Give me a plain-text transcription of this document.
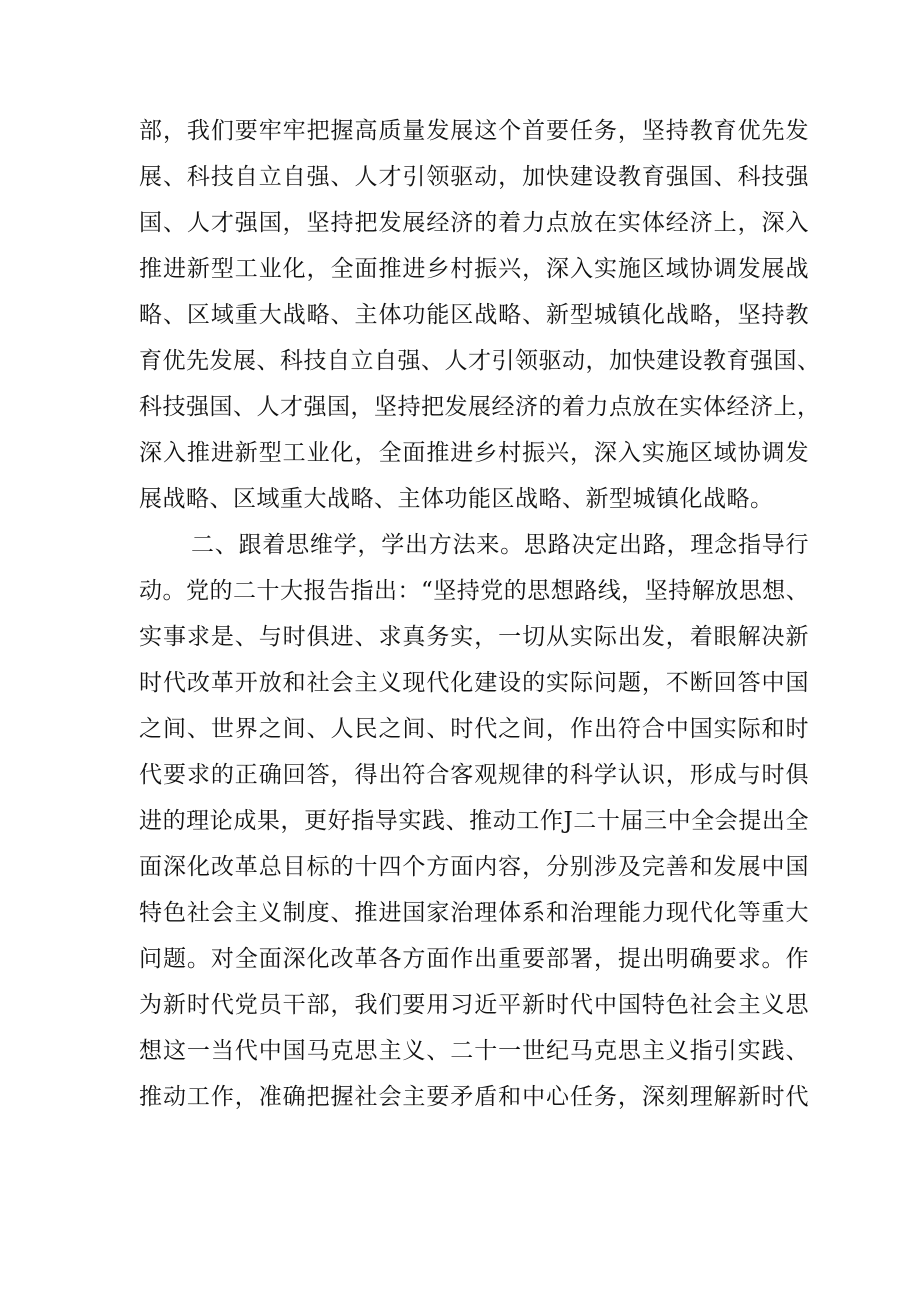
部，我们要牢牢把握高质量发展这个首要任务，坚持教育优先发
展、科技自立自强、人才引领驱动，加快建设教育强国、科技强
国、人才强国，坚持把发展经济的着力点放在实体经济上，深入
推进新型工业化，全面推进乡村振兴，深入实施区域协调发展战
略、区域重大战略、主体功能区战略、新型城镇化战略，坚持教
育优先发展、科技自立自强、人才引领驱动，加快建设教育强国、
科技强国、人才强国，坚持把发展经济的着力点放在实体经济上，
深入推进新型工业化，全面推进乡村振兴，深入实施区域协调发
展战略、区域重大战略、主体功能区战略、新型城镇化战略。
二、跟着思维学，学出方法来。思路决定出路，理念指导行
动。党的二十大报告指出：“坚持党的思想路线，坚持解放思想、
实事求是、与时俱进、求真务实，一切从实际出发，着眼解决新
时代改革开放和社会主义现代化建设的实际问题，不断回答中国
之间、世界之间、人民之间、时代之间，作出符合中国实际和时
代要求的正确回答，得出符合客观规律的科学认识，形成与时俱
进的理论成果，更好指导实践、推动工作J二十届三中全会提出全
面深化改革总目标的十四个方面内容，分别涉及完善和发展中国
特色社会主义制度、推进国家治理体系和治理能力现代化等重大
问题。对全面深化改革各方面作出重要部署，提出明确要求。作
为新时代党员干部，我们要用习近平新时代中国特色社会主义思
想这一当代中国马克思主义、二十一世纪马克思主义指引实践、
推动工作，准确把握社会主要矛盾和中心任务，深刻理解新时代
